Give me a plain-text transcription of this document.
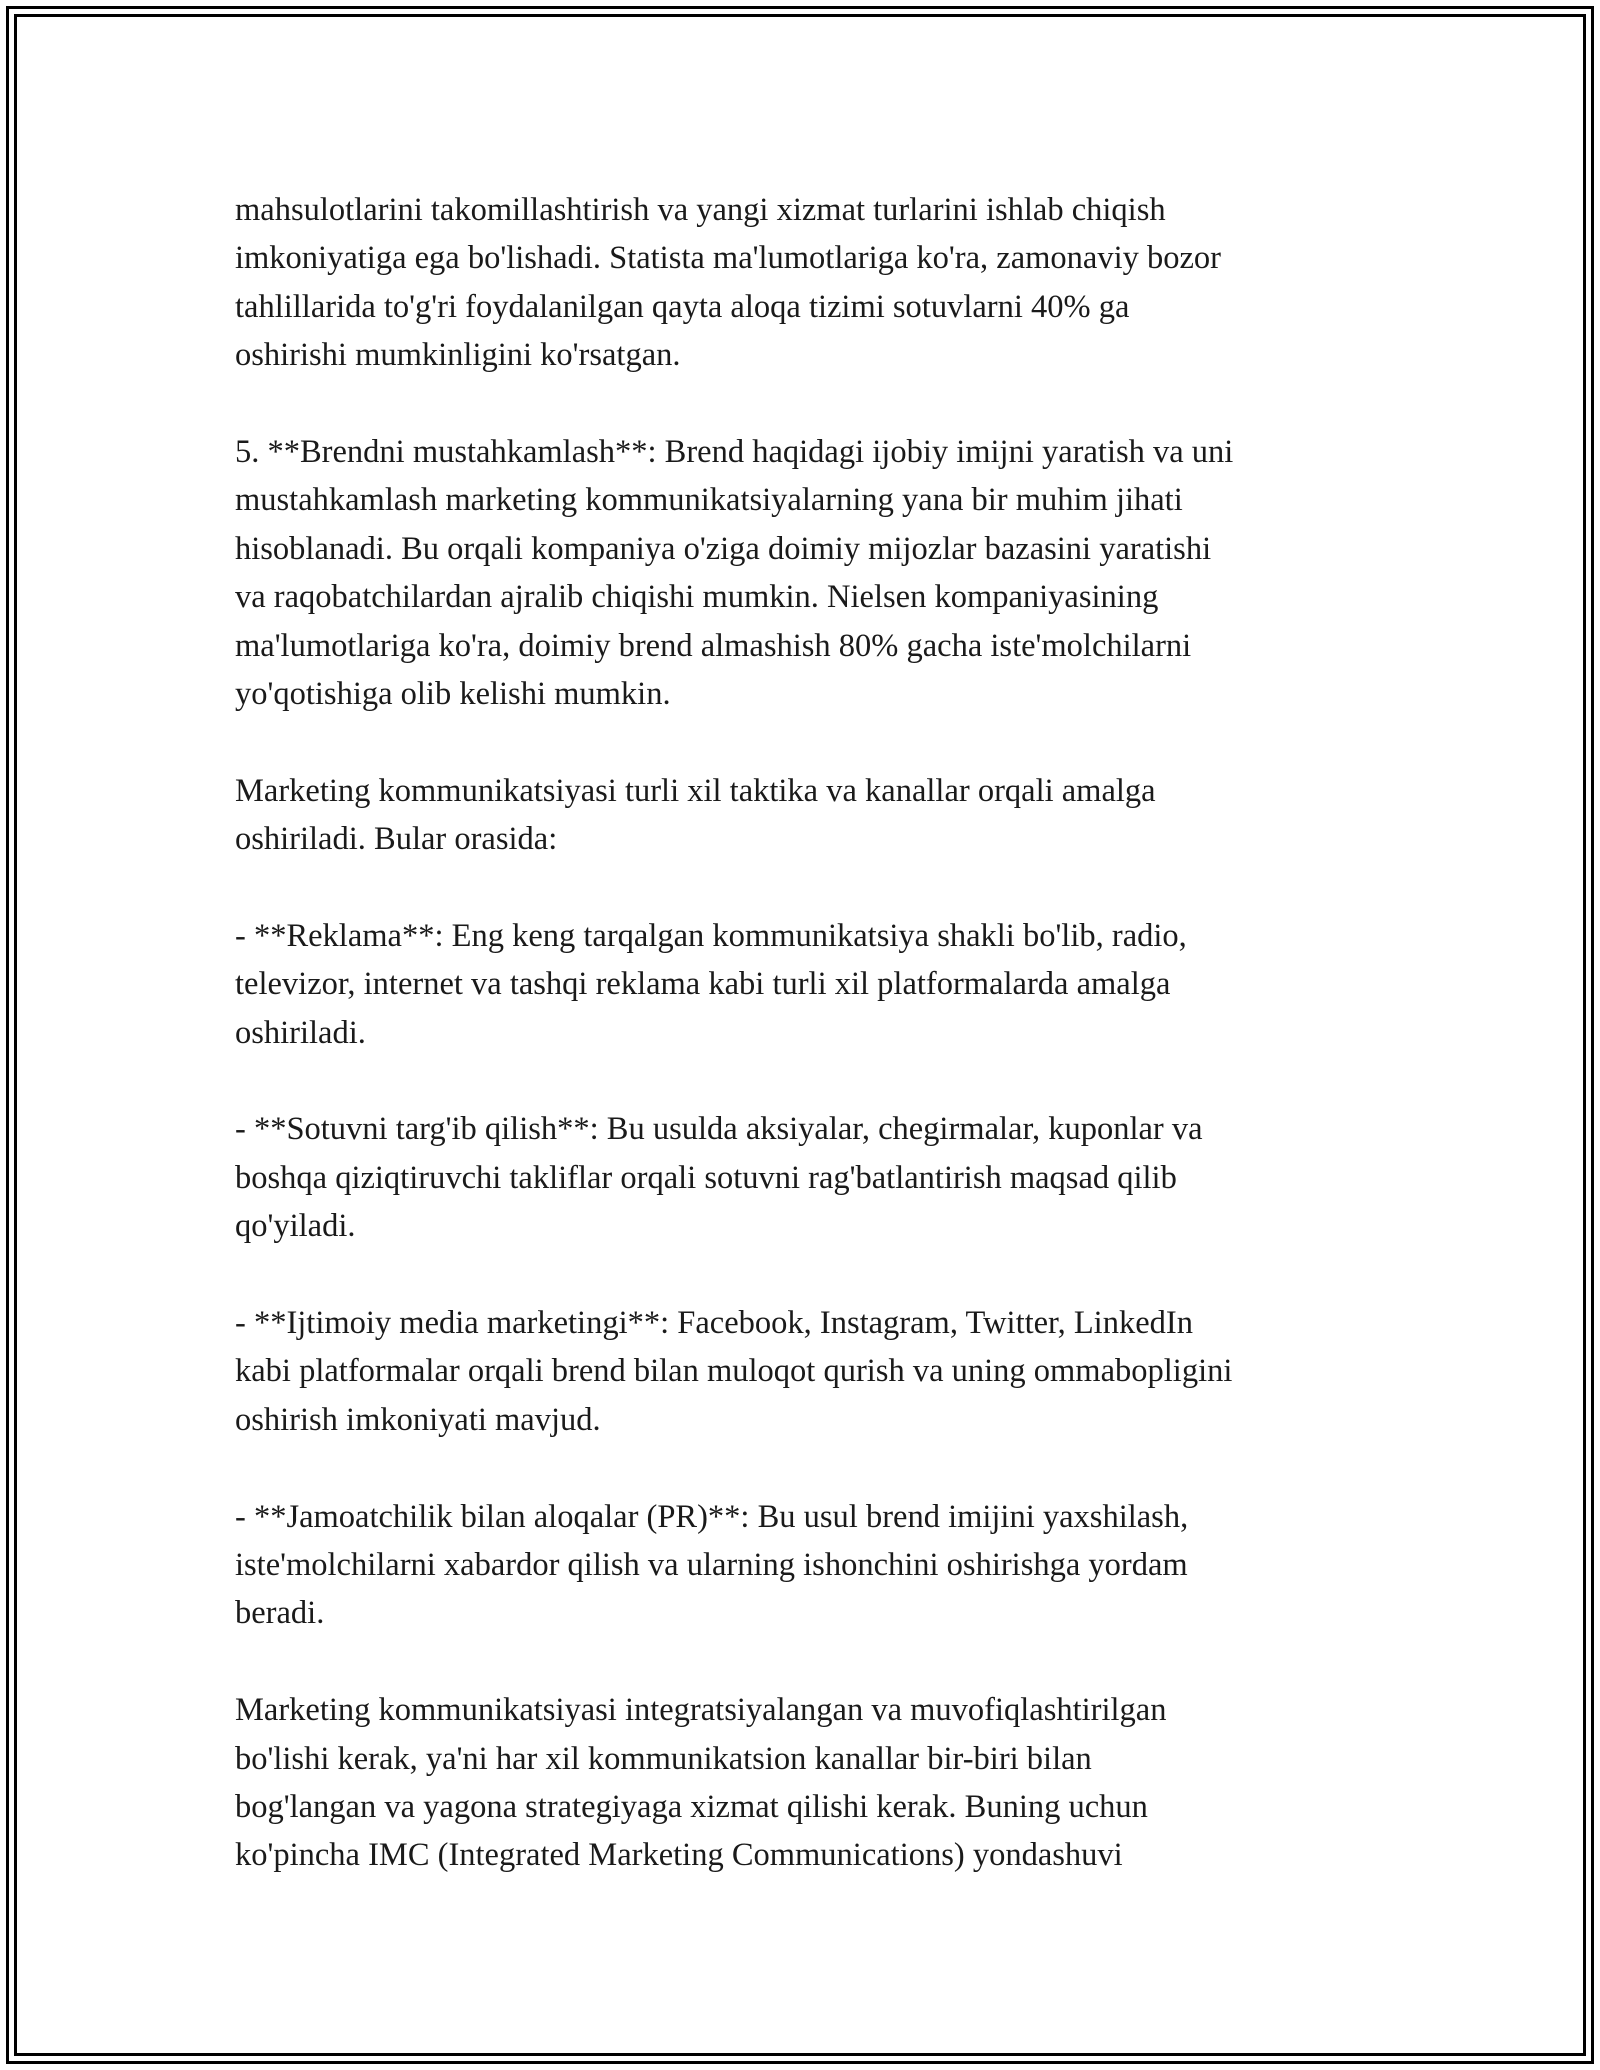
mahsulotlarini takomillashtirish va yangi xizmat turlarini ishlab chiqish
imkoniyatiga ega bo'lishadi. Statista ma'lumotlariga ko'ra, zamonaviy bozor
tahlillarida to'g'ri foydalanilgan qayta aloqa tizimi sotuvlarni 40% ga
oshirishi mumkinligini ko'rsatgan.
5. **Brendni mustahkamlash**: Brend haqidagi ijobiy imijni yaratish va uni
mustahkamlash marketing kommunikatsiyalarning yana bir muhim jihati
hisoblanadi. Bu orqali kompaniya o'ziga doimiy mijozlar bazasini yaratishi
va raqobatchilardan ajralib chiqishi mumkin. Nielsen kompaniyasining
ma'lumotlariga ko'ra, doimiy brend almashish 80% gacha iste'molchilarni
yo'qotishiga olib kelishi mumkin.
Marketing kommunikatsiyasi turli xil taktika va kanallar orqali amalga
oshiriladi. Bular orasida:
- **Reklama**: Eng keng tarqalgan kommunikatsiya shakli bo'lib, radio,
televizor, internet va tashqi reklama kabi turli xil platformalarda amalga
oshiriladi.
- **Sotuvni targ'ib qilish**: Bu usulda aksiyalar, chegirmalar, kuponlar va
boshqa qiziqtiruvchi takliflar orqali sotuvni rag'batlantirish maqsad qilib
qo'yiladi.
- **Ijtimoiy media marketingi**: Facebook, Instagram, Twitter, LinkedIn
kabi platformalar orqali brend bilan muloqot qurish va uning ommabopligini
oshirish imkoniyati mavjud.
- **Jamoatchilik bilan aloqalar (PR)**: Bu usul brend imijini yaxshilash,
iste'molchilarni xabardor qilish va ularning ishonchini oshirishga yordam
beradi.
Marketing kommunikatsiyasi integratsiyalangan va muvofiqlashtirilgan
bo'lishi kerak, ya'ni har xil kommunikatsion kanallar bir-biri bilan
bog'langan va yagona strategiyaga xizmat qilishi kerak. Buning uchun
ko'pincha IMC (Integrated Marketing Communications) yondashuvi
